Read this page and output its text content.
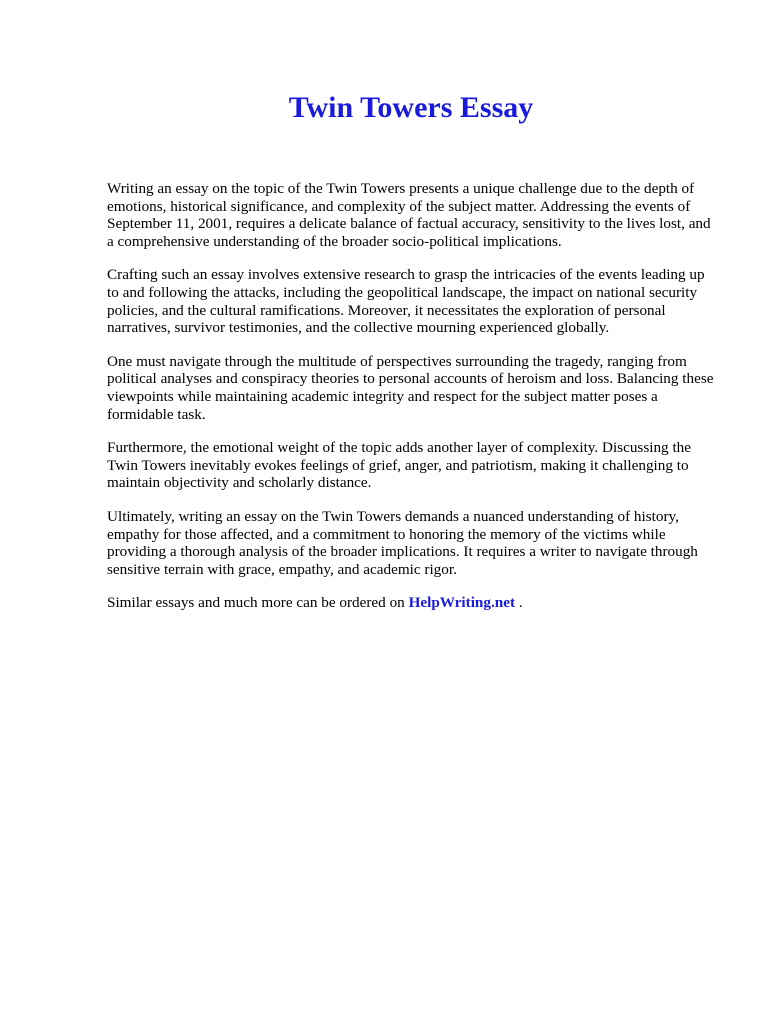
Twin Towers Essay

Writing an essay on the topic of the Twin Towers presents a unique challenge due to the depth of emotions, historical significance, and complexity of the subject matter. Addressing the events of September 11, 2001, requires a delicate balance of factual accuracy, sensitivity to the lives lost, and a comprehensive understanding of the broader socio-political implications.

Crafting such an essay involves extensive research to grasp the intricacies of the events leading up to and following the attacks, including the geopolitical landscape, the impact on national security policies, and the cultural ramifications. Moreover, it necessitates the exploration of personal narratives, survivor testimonies, and the collective mourning experienced globally.

One must navigate through the multitude of perspectives surrounding the tragedy, ranging from political analyses and conspiracy theories to personal accounts of heroism and loss. Balancing these viewpoints while maintaining academic integrity and respect for the subject matter poses a formidable task.

Furthermore, the emotional weight of the topic adds another layer of complexity. Discussing the Twin Towers inevitably evokes feelings of grief, anger, and patriotism, making it challenging to maintain objectivity and scholarly distance.

Ultimately, writing an essay on the Twin Towers demands a nuanced understanding of history, empathy for those affected, and a commitment to honoring the memory of the victims while providing a thorough analysis of the broader implications. It requires a writer to navigate through sensitive terrain with grace, empathy, and academic rigor.

Similar essays and much more can be ordered on HelpWriting.net .
